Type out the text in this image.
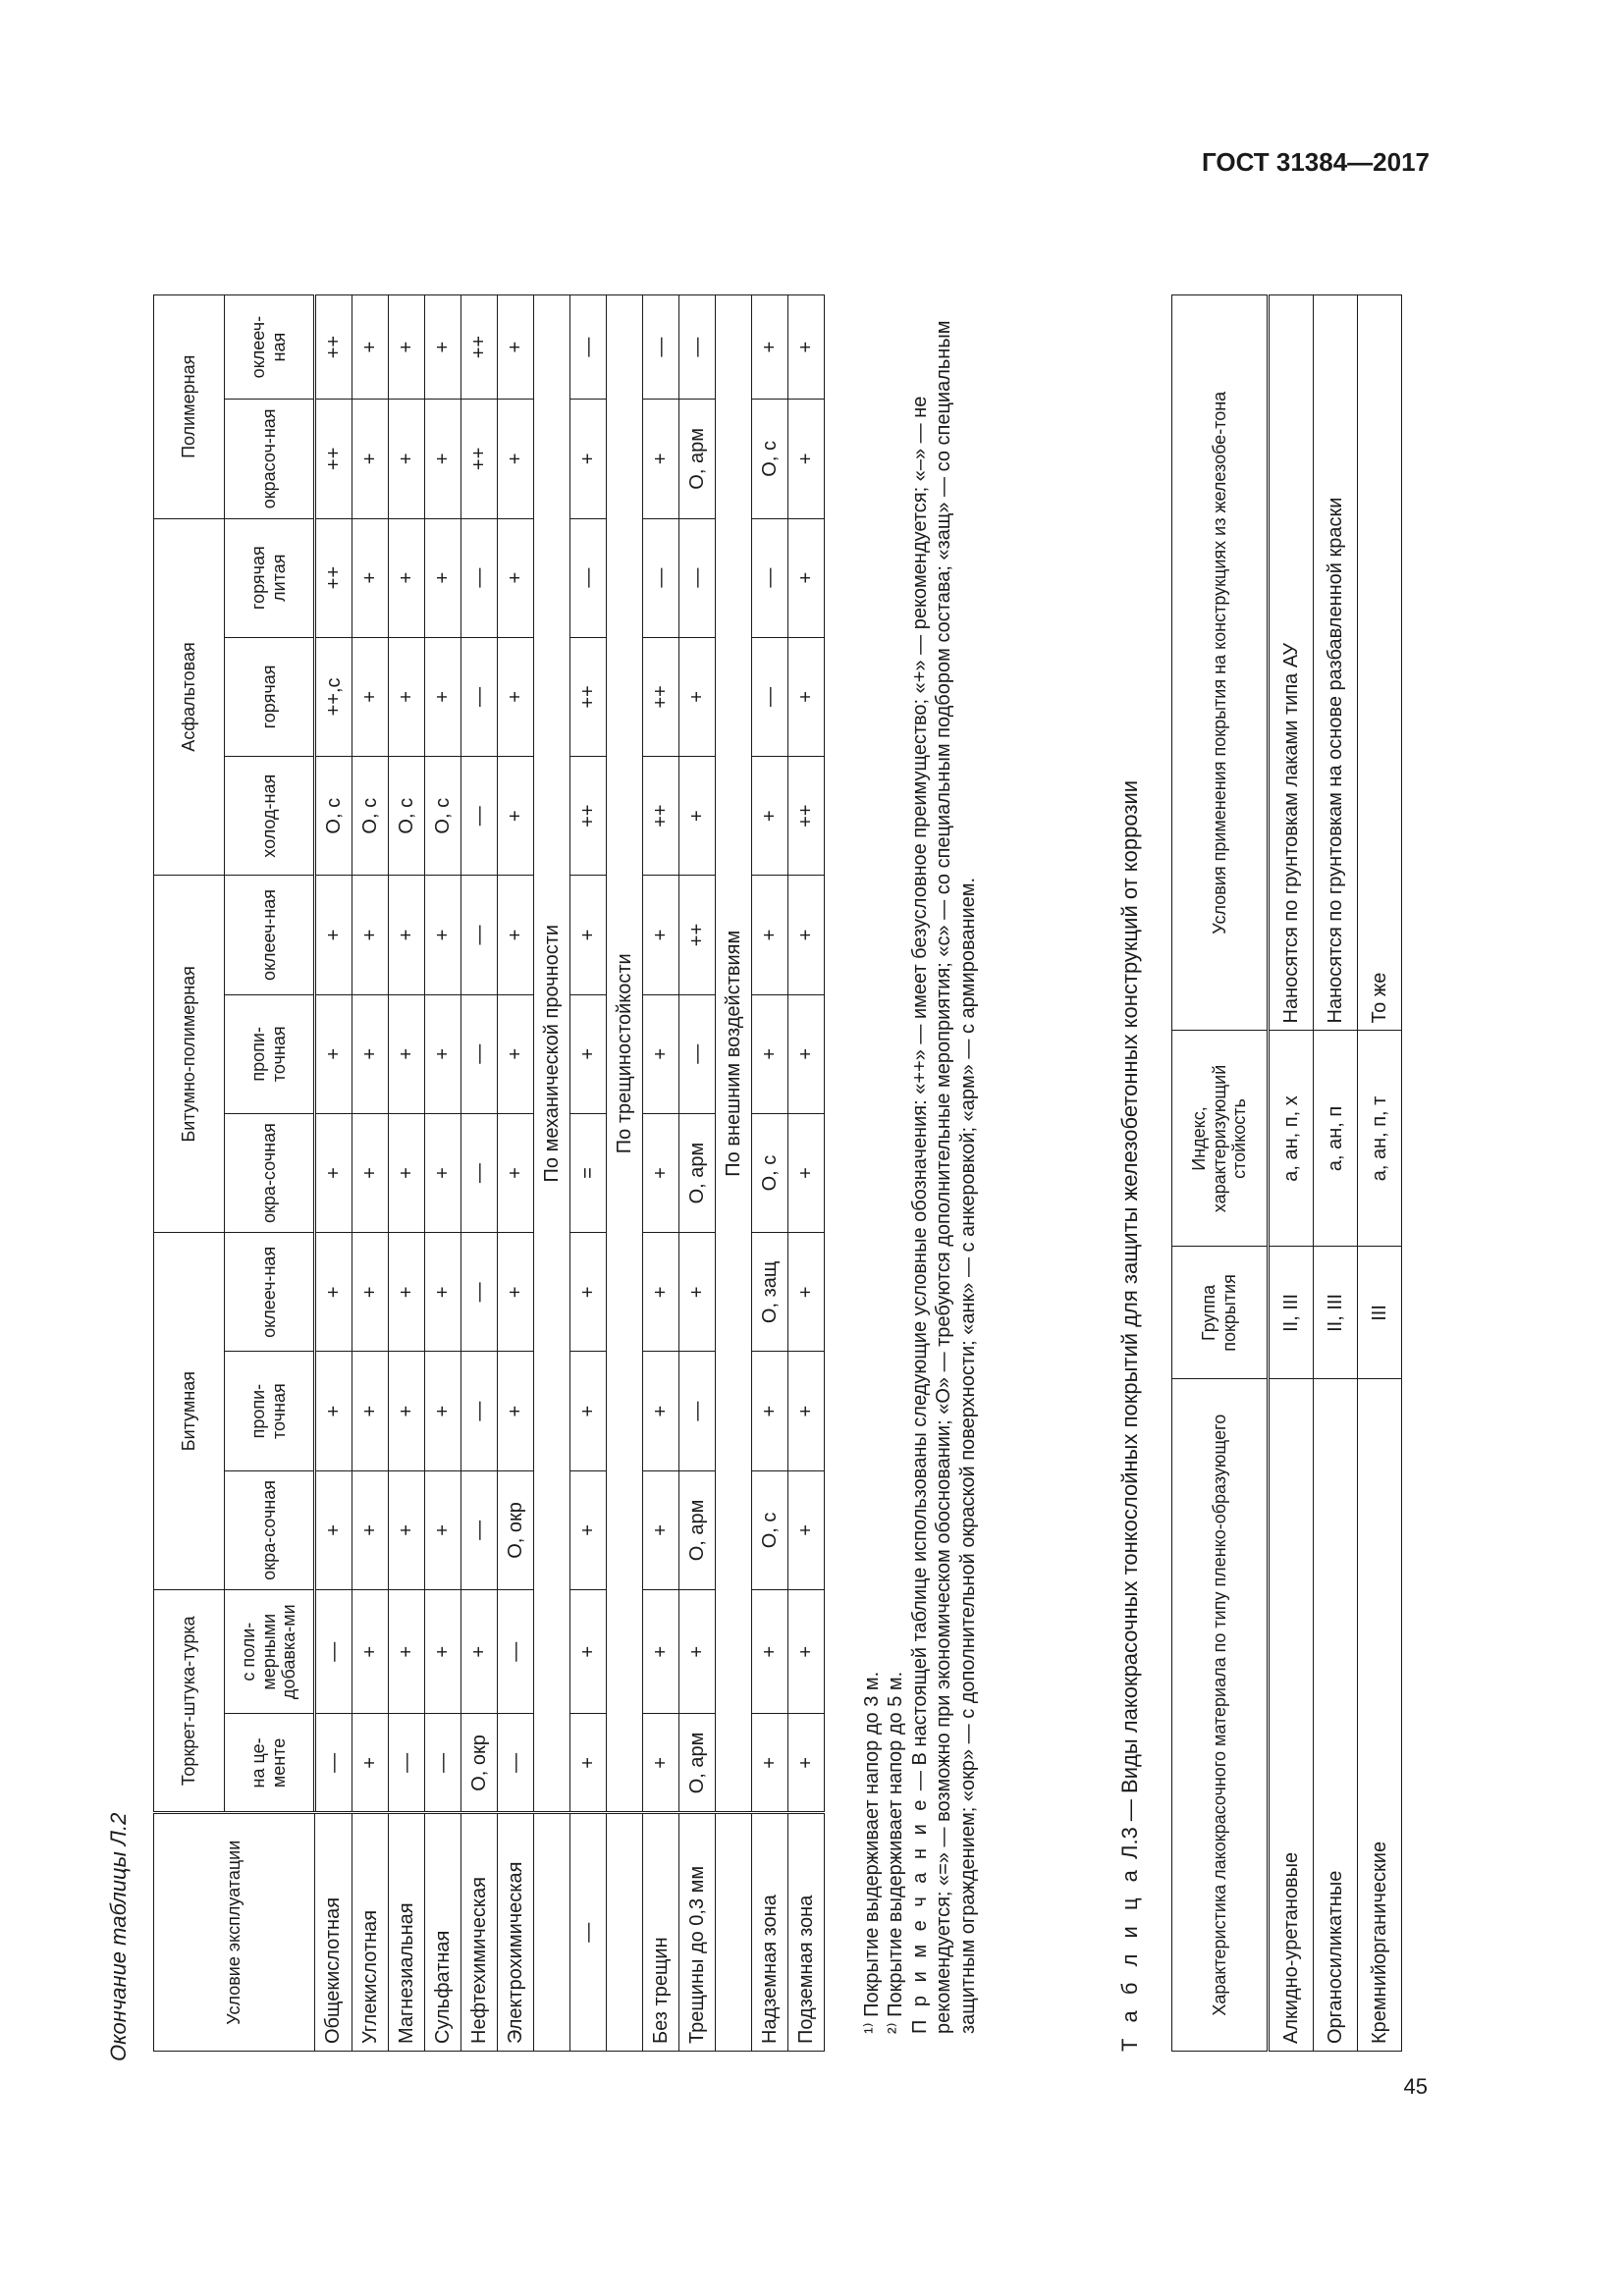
ГОСТ 31384—2017
45
Окончание таблицы Л.2	Условие эксплуатации	Торкрет-штука-турка		Битумная			Битумно-полимерная			Асфальтовая			Полимерная	
	на це-менте	с поли-мерными добавка-ми	окра-сочная	пропи-точная	оклееч-ная	окра-сочная	пропи-точная	оклееч-ная	холод-ная	горячая	горячая литая	окрасоч-ная	оклееч-ная
Общекислотная	—	—	+	+	+	+	+	+	О, с	++,с	++	++	++
Углекислотная	+	+	+	+	+	+	+	+	О, с	+	+	+	+
Магнезиальная	—	+	+	+	+	+	+	+	О, с	+	+	+	+
Сульфатная	—	+	+	+	+	+	+	+	О, с	+	+	+	+
Нефтехимическая	О, окр	+	—	—	—	—	—	—	—	—	—	++	++
Электрохимическая	—	—	О, окр	+	+	+	+	+	+	+	+	+	+
	По механической прочности												
—	+	+	+	+	+	=	+	+	++	++	—	+	—
	По трещиностойкости												
Без трещин	+	+	+	+	+	+	+	+	++	++	—	+	—
Трещины до 0,3 мм	О, арм	+	О, арм	—	+	О, арм	—	++	+	+	—	О, арм	—
	По внешним воздействиям												
Надземная зона	+	+	О, с	+	О, защ	О, с	+	+	+	—	—	О, с	+
Подземная зона	+	+	+	+	+	+	+	+	++	+	+	+	+

¹⁾ Покрытие выдерживает напор до 3 м. ²⁾ Покрытие выдерживает напор до 5 м. П р и м е ч а н и е — В настоящей таблице использованы следующие условные обозначения: «++» — имеет безусловное преимущество; «+» — рекомендуется; «–» — не рекомендуется; «=» — возможно при экономическом обосновании; «О» — требуются дополнительные мероприятия; «с» — со специальным подбором состава; «защ» — со специальным защитным ограждением; «окр» — с дополнительной окраской поверхности; «анк» — с анкеровкой; «арм» — с армированием.	Т а б л и ц а Л.3 — Виды лакокрасочных тонкослойных покрытий для защиты железобетонных конструкций от коррозии	Характеристика лакокрасочного материала по типу пленко-образующего	Группа покрытия	Индекс, характеризующий стойкость	Условия применения покрытия на конструкциях из железобе-тона
Алкидно-уретановые	II, III	а, ан, п, х	Наносятся по грунтовкам лаками типа АУ
Органосиликатные	II, III	а, ан, п	Наносятся по грунтовкам на основе разбавленной краски
Кремнийорганические	III	а, ан, п, т	То же
